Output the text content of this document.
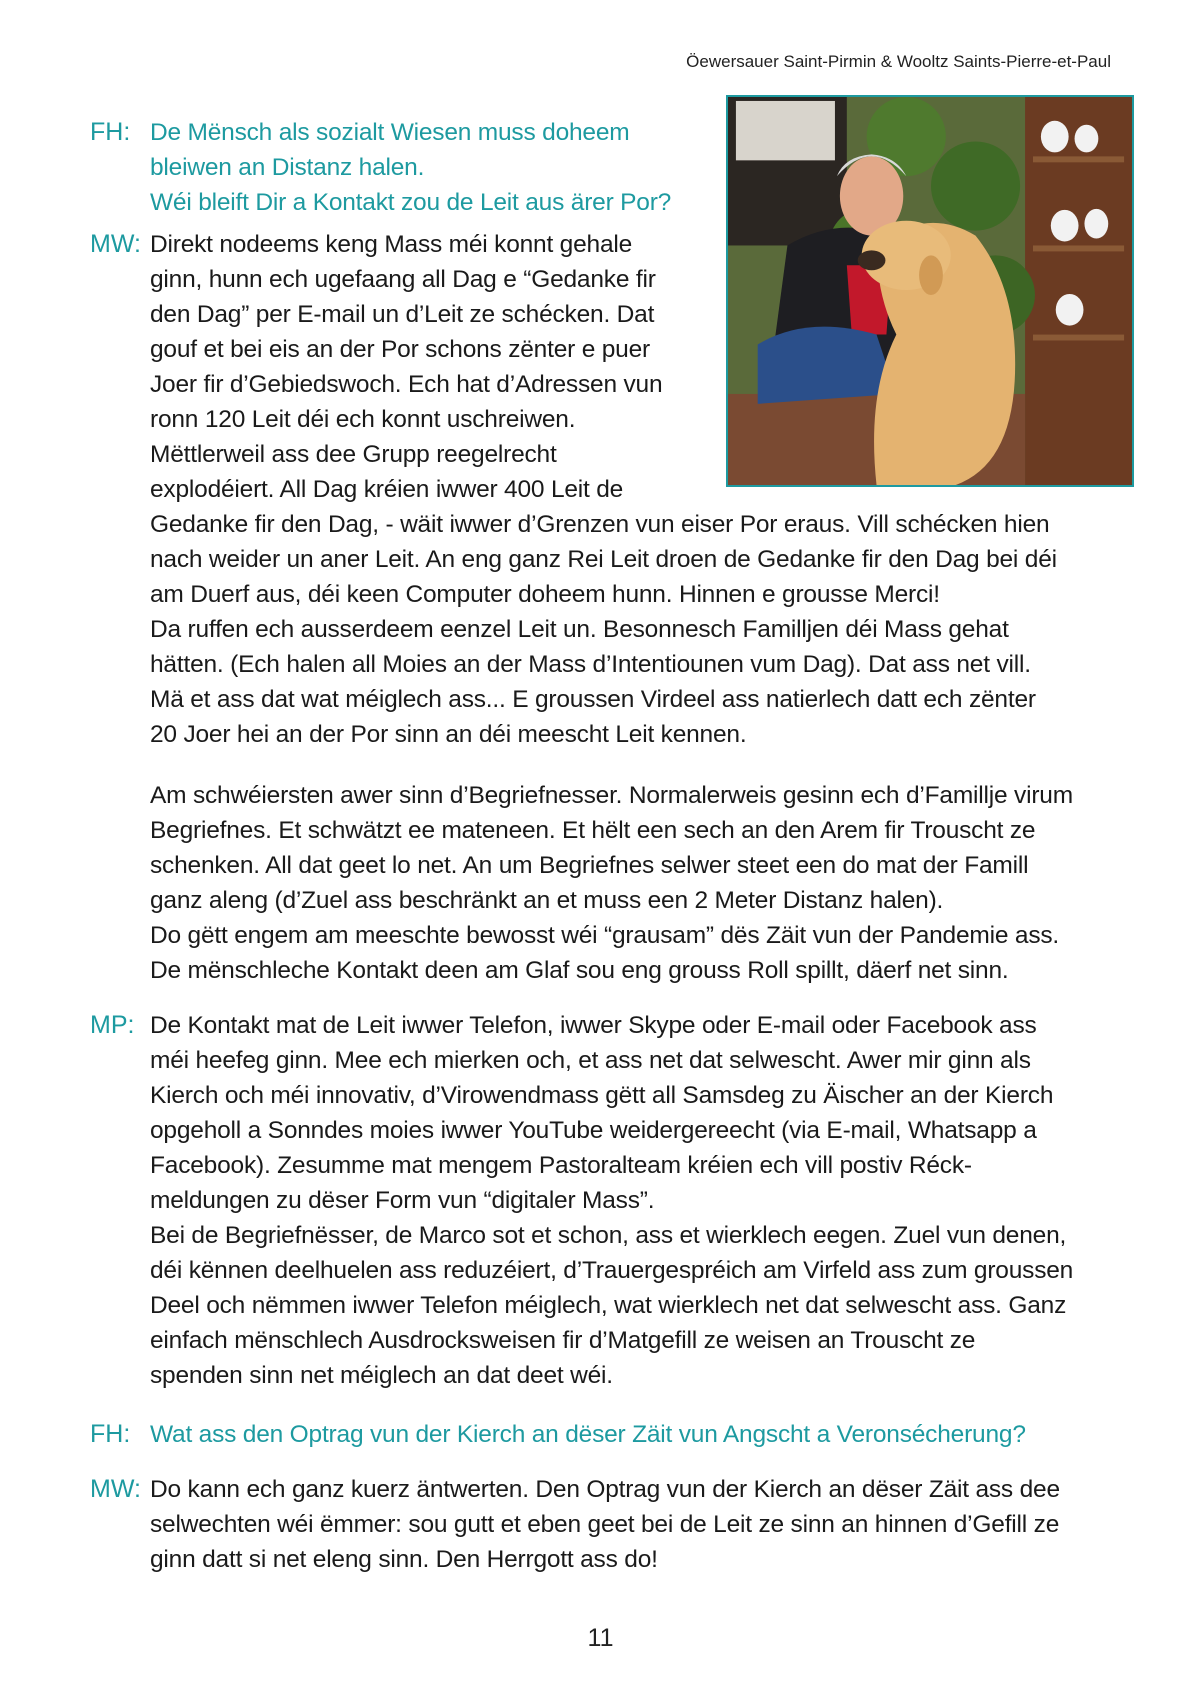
Öewersauer Saint-Pirmin & Wooltz Saints-Pierre-et-Paul
FH: De Mënsch als sozialt Wiesen muss doheem

bleiwen an Distanz halen.

Wéi bleift Dir a Kontakt zou de Leit aus ärer Por?

MW: Direkt nodeems keng Mass méi konnt gehale

ginn, hunn ech ugefaang all Dag e “Gedanke fir

den Dag” per E-mail un d’Leit ze schécken. Dat

gouf et bei eis an der Por schons zënter e puer

Joer fir d’Gebiedswoch. Ech hat d’Adressen vun

ronn 120 Leit déi ech konnt uschreiwen.

Mëttlerweil ass dee Grupp reegelrecht

explodéiert. All Dag kréien iwwer 400 Leit de

Gedanke fir den Dag, - wäit iwwer d’Grenzen vun eiser Por eraus. Vill schécken hien

nach weider un aner Leit. An eng ganz Rei Leit droen de Gedanke fir den Dag bei déi

am Duerf aus, déi keen Computer doheem hunn. Hinnen e grousse Merci!

Da ruffen ech ausserdeem eenzel Leit un. Besonnesch Familljen déi Mass gehat

hätten. (Ech halen all Moies an der Mass d’Intentiounen vum Dag). Dat ass net vill.

Mä et ass dat wat méiglech ass... E groussen Virdeel ass natierlech datt ech zënter

20 Joer hei an der Por sinn an déi meescht Leit kennen.

Am schwéiersten awer sinn d’Begriefnesser. Normalerweis gesinn ech d’Famillje virum

Begriefnes. Et schwätzt ee mateneen. Et hëlt een sech an den Arem fir Trouscht ze

schenken. All dat geet lo net. An um Begriefnes selwer steet een do mat der Famill

ganz aleng (d’Zuel ass beschränkt an et muss een 2 Meter Distanz halen).

Do gëtt engem am meeschte bewosst wéi “grausam” dës Zäit vun der Pandemie ass.

De mënschleche Kontakt deen am Glaf sou eng grouss Roll spillt, däerf net sinn.

MP: De Kontakt mat de Leit iwwer Telefon, iwwer Skype oder E-mail oder Facebook ass

méi heefeg ginn. Mee ech mierken och, et ass net dat selwescht. Awer mir ginn als

Kierch och méi innovativ, d’Virowendmass gëtt all Samsdeg zu Äischer an der Kierch

opgeholl a Sonndes moies iwwer YouTube weidergereecht (via E-mail, Whatsapp a

Facebook). Zesumme mat mengem Pastoralteam kréien ech vill postiv Réck-

meldungen zu dëser Form vun “digitaler Mass”.

Bei de Begriefnësser, de Marco sot et schon, ass et wierklech eegen. Zuel vun denen,

déi kënnen deelhuelen ass reduzéiert, d’Trauergespréich am Virfeld ass zum groussen

Deel och nëmmen iwwer Telefon méiglech, wat wierklech net dat selwescht ass. Ganz

einfach mënschlech Ausdrocksweisen fir d’Matgefill ze weisen an Trouscht ze

spenden sinn net méiglech an dat deet wéi.

FH: Wat ass den Optrag vun der Kierch an dëser Zäit vun Angscht a Veronsécherung?

MW: Do kann ech ganz kuerz äntwerten. Den Optrag vun der Kierch an dëser Zäit ass dee

selwechten wéi ëmmer: sou gutt et eben geet bei de Leit ze sinn an hinnen d’Gefill ze

ginn datt si net eleng sinn. Den Herrgott ass do!

11
